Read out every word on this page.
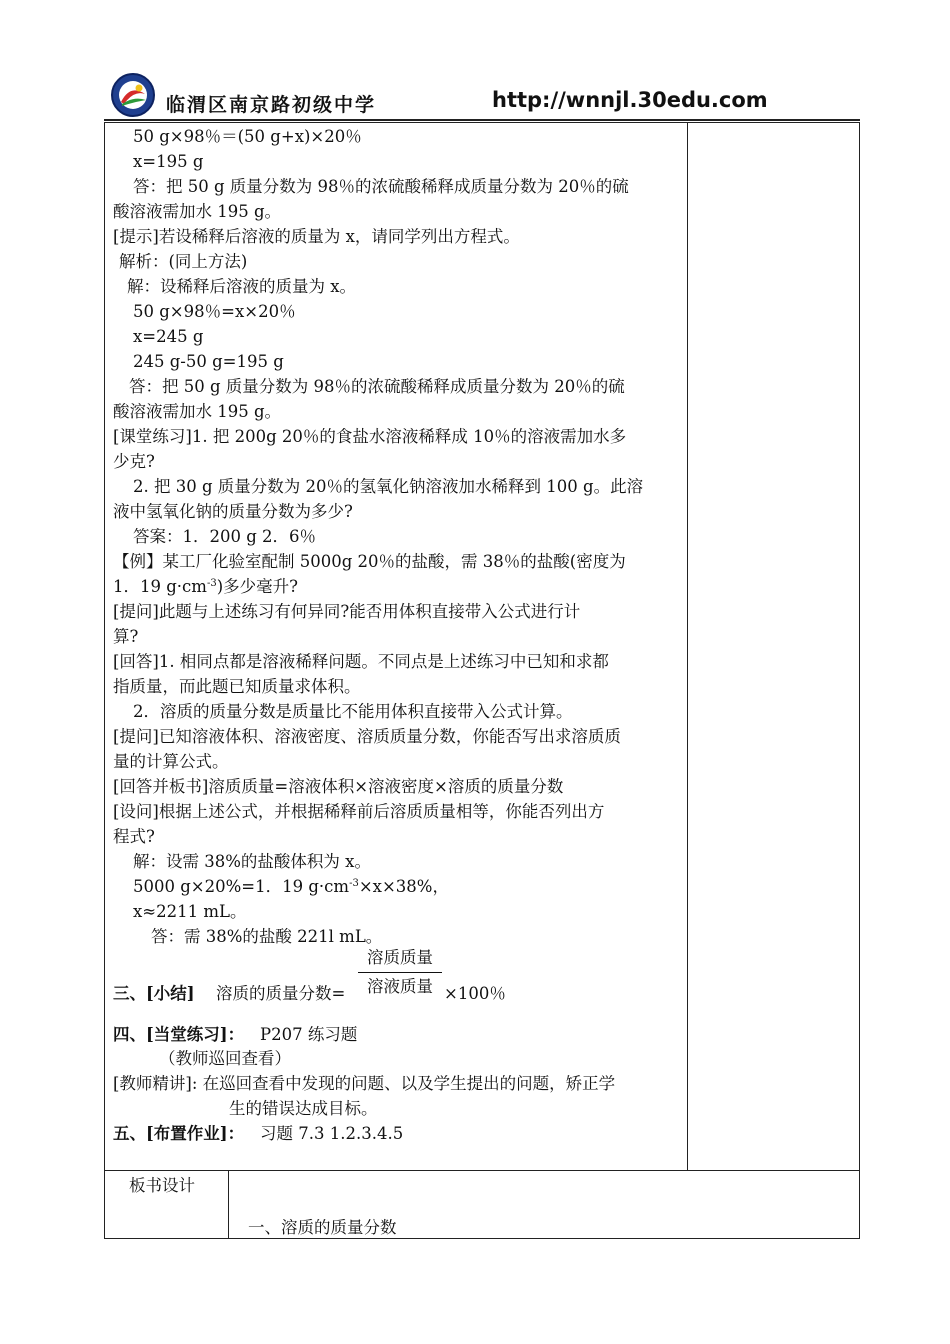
临渭区南京路初级中学	http://wnnjl.30edu.com
50 g×98％＝(50 g+x)×20％
x=195 g
答：把 50 g 质量分数为 98％的浓硫酸稀释成质量分数为 20％的硫
酸溶液需加水 195 g。
[提示]若设稀释后溶液的质量为 x，请同学列出方程式。
解析：(同上方法)
解：设稀释后溶液的质量为 x。
50 g×98％=x×20％
x=245 g
245 g-50 g=195 g
答：把 50 g 质量分数为 98％的浓硫酸稀释成质量分数为 20％的硫
酸溶液需加水 195 g。
[课堂练习]1. 把 200g 20％的食盐水溶液稀释成 10％的溶液需加水多
少克?
2. 把 30 g 质量分数为 20％的氢氧化钠溶液加水稀释到 100 g。此溶
液中氢氧化钠的质量分数为多少?
答案：1．200 g 2．6％
【例】某工厂化验室配制 5000g 20％的盐酸，需 38％的盐酸(密度为
1．19 $g\cdot cm^{-3}$)多少毫升?
[提问]此题与上述练习有何异同?能否用体积直接带入公式进行计
算?
[回答]1. 相同点都是溶液稀释问题。不同点是上述练习中已知和求都
指质量，而此题已知质量求体积。
2．溶质的质量分数是质量比不能用体积直接带入公式计算。
[提问]已知溶液体积、溶液密度、溶质质量分数，你能否写出求溶质质
量的计算公式。
[回答并板书]溶质质量=溶液体积×溶液密度×溶质的质量分数
[设问]根据上述公式，并根据稀释前后溶质质量相等，你能否列出方
程式?
解：设需 38%的盐酸体积为 x。
5000 g×20%=1．19 $g\cdot cm^{-3}\times x\times 38\%$，
x≈2211 mL。
答：需 38%的盐酸 221l mL。
三、[小结] 溶质的质量分数=
溶质质量
溶液质量 ×100％
四、[当堂练习]： P207 练习题
（教师巡回查看）
[教师精讲]: 在巡回查看中发现的问题、以及学生提出的问题，矫正学
生的错误达成目标。
五、[布置作业]： 习题 7.3 1.2.3.4.5
板书设计
一、溶质的质量分数
